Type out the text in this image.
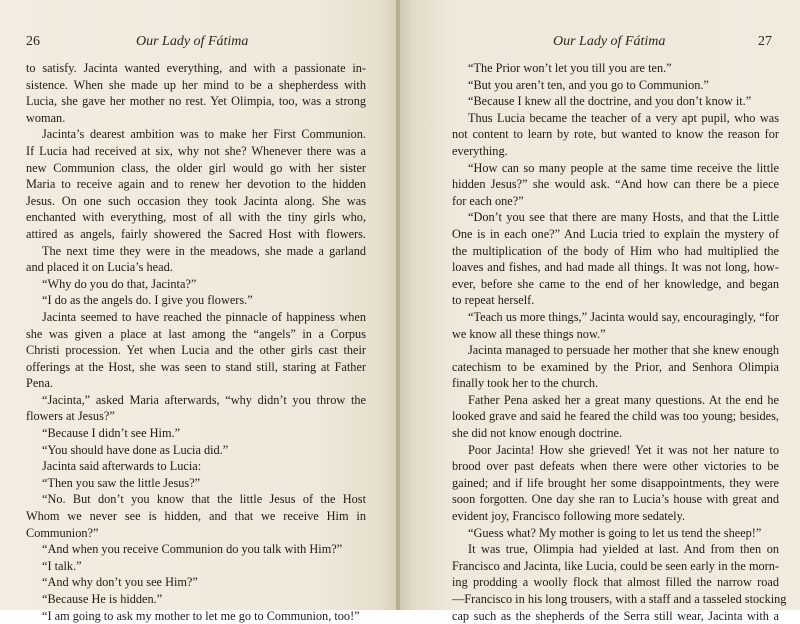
26	Our Lady of Fátima
to satisfy. Jacinta wanted everything, and with a passionate in-
sistence. When she made up her mind to be a shepherdess with
Lucia, she gave her mother no rest. Yet Olimpia, too, was a strong
woman.
Jacinta’s dearest ambition was to make her First Communion.
If Lucia had received at six, why not she? Whenever there was a
new Communion class, the older girl would go with her sister
Maria to receive again and to renew her devotion to the hidden
Jesus. On one such occasion they took Jacinta along. She was
enchanted with everything, most of all with the tiny girls who,
attired as angels, fairly showered the Sacred Host with flowers.
The next time they were in the meadows, she made a garland
and placed it on Lucia’s head.
“Why do you do that, Jacinta?”
“I do as the angels do. I give you flowers.”
Jacinta seemed to have reached the pinnacle of happiness when
she was given a place at last among the “angels” in a Corpus
Christi procession. Yet when Lucia and the other girls cast their
offerings at the Host, she was seen to stand still, staring at Father
Pena.
“Jacinta,” asked Maria afterwards, “why didn’t you throw the
flowers at Jesus?”
“Because I didn’t see Him.”
“You should have done as Lucia did.”
Jacinta said afterwards to Lucia:
“Then you saw the little Jesus?”
“No. But don’t you know that the little Jesus of the Host
Whom we never see is hidden, and that we receive Him in
Communion?”
“And when you receive Communion do you talk with Him?”
“I talk.”
“And why don’t you see Him?”
“Because He is hidden.”
“I am going to ask my mother to let me go to Communion, too!”
Our Lady of Fátima	27
“The Prior won’t let you till you are ten.”
“But you aren’t ten, and you go to Communion.”
“Because I knew all the doctrine, and you don’t know it.”
Thus Lucia became the teacher of a very apt pupil, who was
not content to learn by rote, but wanted to know the reason for
everything.
“How can so many people at the same time receive the little
hidden Jesus?” she would ask. “And how can there be a piece
for each one?”
“Don’t you see that there are many Hosts, and that the Little
One is in each one?” And Lucia tried to explain the mystery of
the multiplication of the body of Him who had multiplied the
loaves and fishes, and had made all things. It was not long, how-
ever, before she came to the end of her knowledge, and began
to repeat herself.
“Teach us more things,” Jacinta would say, encouragingly, “for
we know all these things now.”
Jacinta managed to persuade her mother that she knew enough
catechism to be examined by the Prior, and Senhora Olimpia
finally took her to the church.
Father Pena asked her a great many questions. At the end he
looked grave and said he feared the child was too young; besides,
she did not know enough doctrine.
Poor Jacinta! How she grieved! Yet it was not her nature to
brood over past defeats when there were other victories to be
gained; and if life brought her some disappointments, they were
soon forgotten. One day she ran to Lucia’s house with great and
evident joy, Francisco following more sedately.
“Guess what? My mother is going to let us tend the sheep!”
It was true, Olimpia had yielded at last. And from then on
Francisco and Jacinta, like Lucia, could be seen early in the morn-
ing prodding a woolly flock that almost filled the narrow road
—Francisco in his long trousers, with a staff and a tasseled stocking
cap such as the shepherds of the Serra still wear, Jacinta with a
